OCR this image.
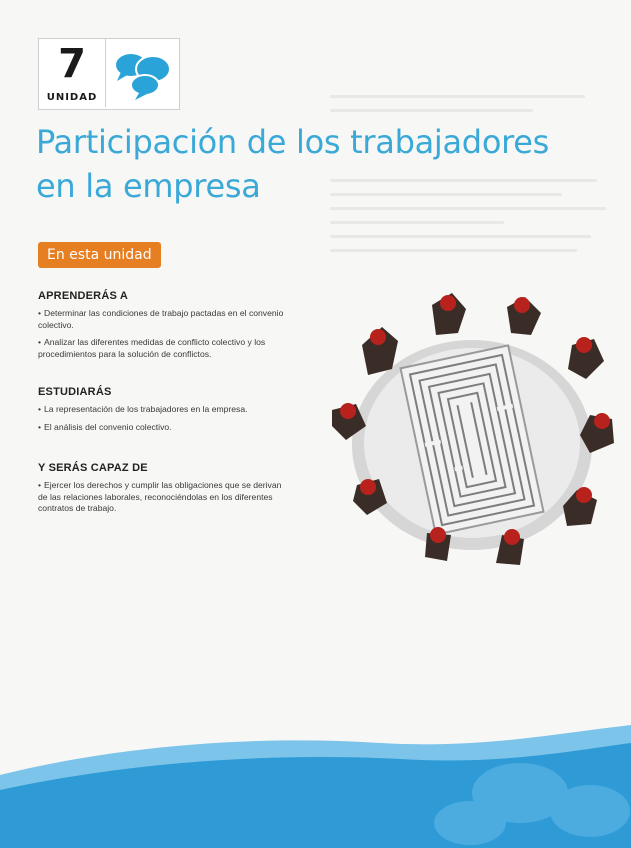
7
UNIDAD
Participación de los trabajadores
en la empresa
En esta unidad
APRENDERÁS A
• Determinar las condiciones de trabajo pactadas en el convenio colectivo.
• Analizar las diferentes medidas de conflicto colectivo y los procedimientos para la solución de conflictos.
ESTUDIARÁS
• La representación de los trabajadores en la empresa.
• El análisis del convenio colectivo.
Y SERÁS CAPAZ DE
• Ejercer los derechos y cumplir las obligaciones que se derivan de las relaciones laborales, reconociéndolas en los diferentes contratos de trabajo.
